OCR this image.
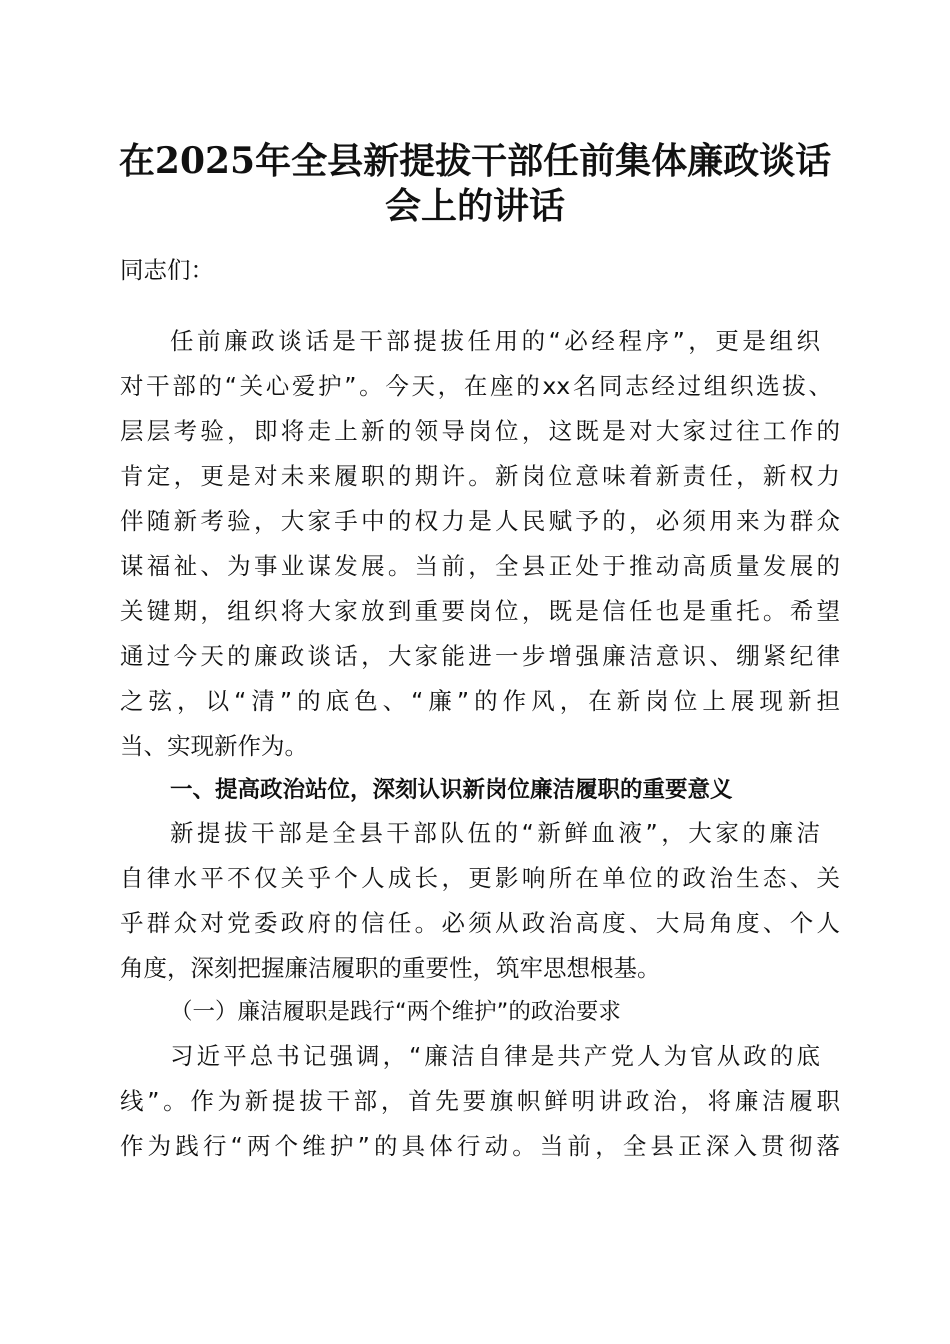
在2025年全县新提拔干部任前集体廉政谈话
会上的讲话
同志们：
任前廉政谈话是干部提拔任用的“必经程序”，更是组织
对干部的“关心爱护”。今天，在座的xx名同志经过组织选拔、
层层考验，即将走上新的领导岗位，这既是对大家过往工作的
肯定，更是对未来履职的期许。新岗位意味着新责任，新权力
伴随新考验，大家手中的权力是人民赋予的，必须用来为群众
谋福祉、为事业谋发展。当前，全县正处于推动高质量发展的
关键期，组织将大家放到重要岗位，既是信任也是重托。希望
通过今天的廉政谈话，大家能进一步增强廉洁意识、绷紧纪律
之弦，以“清”的底色、“廉”的作风，在新岗位上展现新担
当、实现新作为。
一、提高政治站位，深刻认识新岗位廉洁履职的重要意义
新提拔干部是全县干部队伍的“新鲜血液”，大家的廉洁
自律水平不仅关乎个人成长，更影响所在单位的政治生态、关
乎群众对党委政府的信任。必须从政治高度、大局角度、个人
角度，深刻把握廉洁履职的重要性，筑牢思想根基。
（一）廉洁履职是践行“两个维护”的政治要求
习近平总书记强调，“廉洁自律是共产党人为官从政的底
线”。作为新提拔干部，首先要旗帜鲜明讲政治，将廉洁履职
作为践行“两个维护”的具体行动。当前，全县正深入贯彻落
